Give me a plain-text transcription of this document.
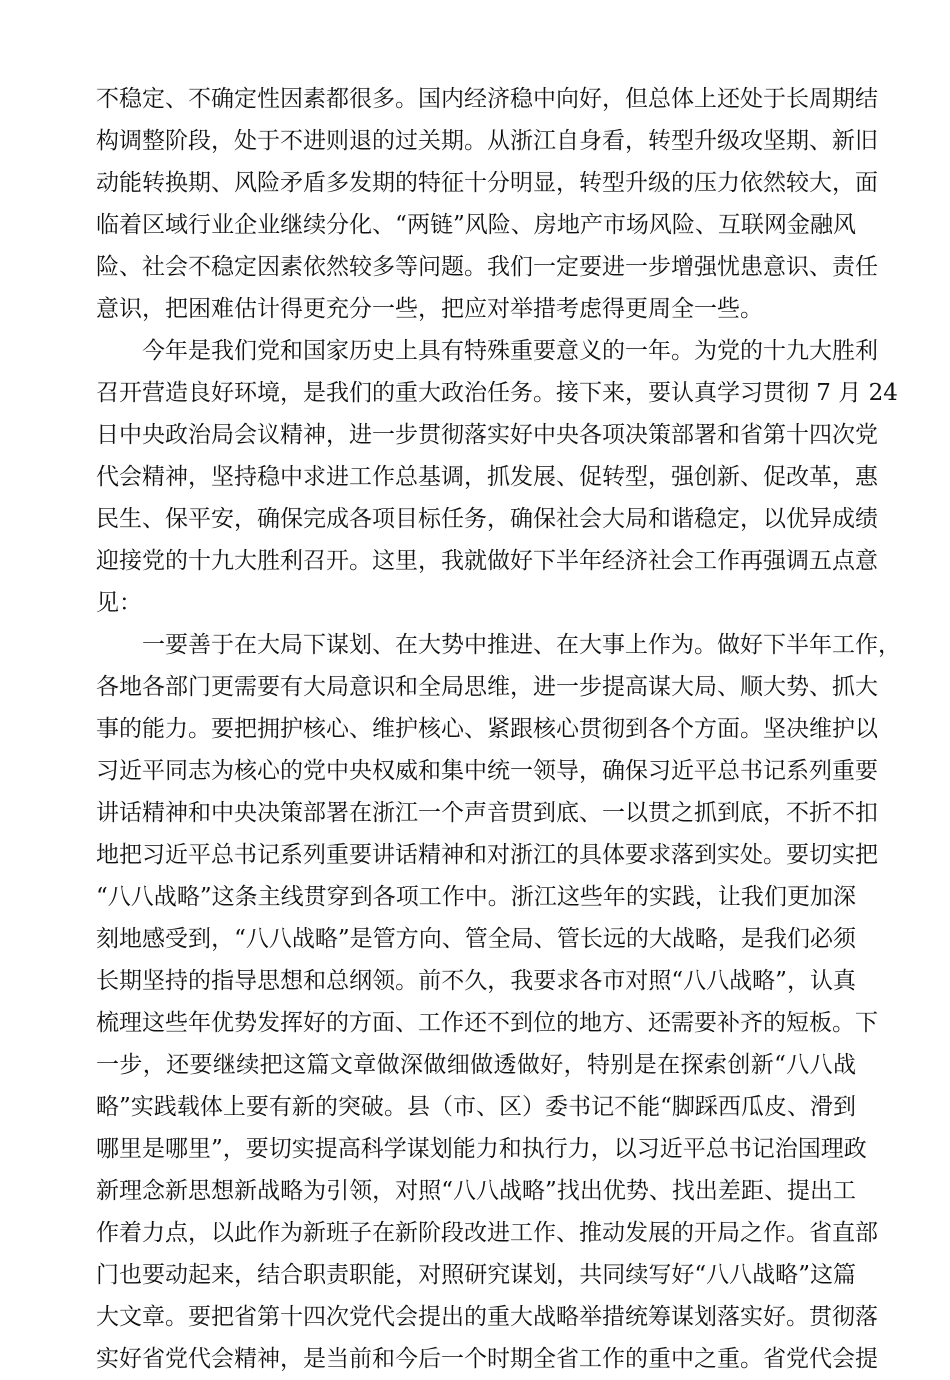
不稳定、不确定性因素都很多。国内经济稳中向好，但总体上还处于长周期结
构调整阶段，处于不进则退的过关期。从浙江自身看，转型升级攻坚期、新旧
动能转换期、风险矛盾多发期的特征十分明显，转型升级的压力依然较大，面
临着区域行业企业继续分化、“两链”风险、房地产市场风险、互联网金融风
险、社会不稳定因素依然较多等问题。我们一定要进一步增强忧患意识、责任
意识，把困难估计得更充分一些，把应对举措考虑得更周全一些。
今年是我们党和国家历史上具有特殊重要意义的一年。为党的十九大胜利
召开营造良好环境，是我们的重大政治任务。接下来，要认真学习贯彻 7 月 24
日中央政治局会议精神，进一步贯彻落实好中央各项决策部署和省第十四次党
代会精神，坚持稳中求进工作总基调，抓发展、促转型，强创新、促改革，惠
民生、保平安，确保完成各项目标任务，确保社会大局和谐稳定，以优异成绩
迎接党的十九大胜利召开。这里，我就做好下半年经济社会工作再强调五点意
见：
一要善于在大局下谋划、在大势中推进、在大事上作为。做好下半年工作，
各地各部门更需要有大局意识和全局思维，进一步提高谋大局、顺大势、抓大
事的能力。要把拥护核心、维护核心、紧跟核心贯彻到各个方面。坚决维护以
习近平同志为核心的党中央权威和集中统一领导，确保习近平总书记系列重要
讲话精神和中央决策部署在浙江一个声音贯到底、一以贯之抓到底，不折不扣
地把习近平总书记系列重要讲话精神和对浙江的具体要求落到实处。要切实把
“八八战略”这条主线贯穿到各项工作中。浙江这些年的实践，让我们更加深
刻地感受到，“八八战略”是管方向、管全局、管长远的大战略，是我们必须
长期坚持的指导思想和总纲领。前不久，我要求各市对照“八八战略”，认真
梳理这些年优势发挥好的方面、工作还不到位的地方、还需要补齐的短板。下
一步，还要继续把这篇文章做深做细做透做好，特别是在探索创新“八八战
略”实践载体上要有新的突破。县（市、区）委书记不能“脚踩西瓜皮、滑到
哪里是哪里”，要切实提高科学谋划能力和执行力，以习近平总书记治国理政
新理念新思想新战略为引领，对照“八八战略”找出优势、找出差距、提出工
作着力点，以此作为新班子在新阶段改进工作、推动发展的开局之作。省直部
门也要动起来，结合职责职能，对照研究谋划，共同续写好“八八战略”这篇
大文章。要把省第十四次党代会提出的重大战略举措统筹谋划落实好。贯彻落
实好省党代会精神，是当前和今后一个时期全省工作的重中之重。省党代会提
